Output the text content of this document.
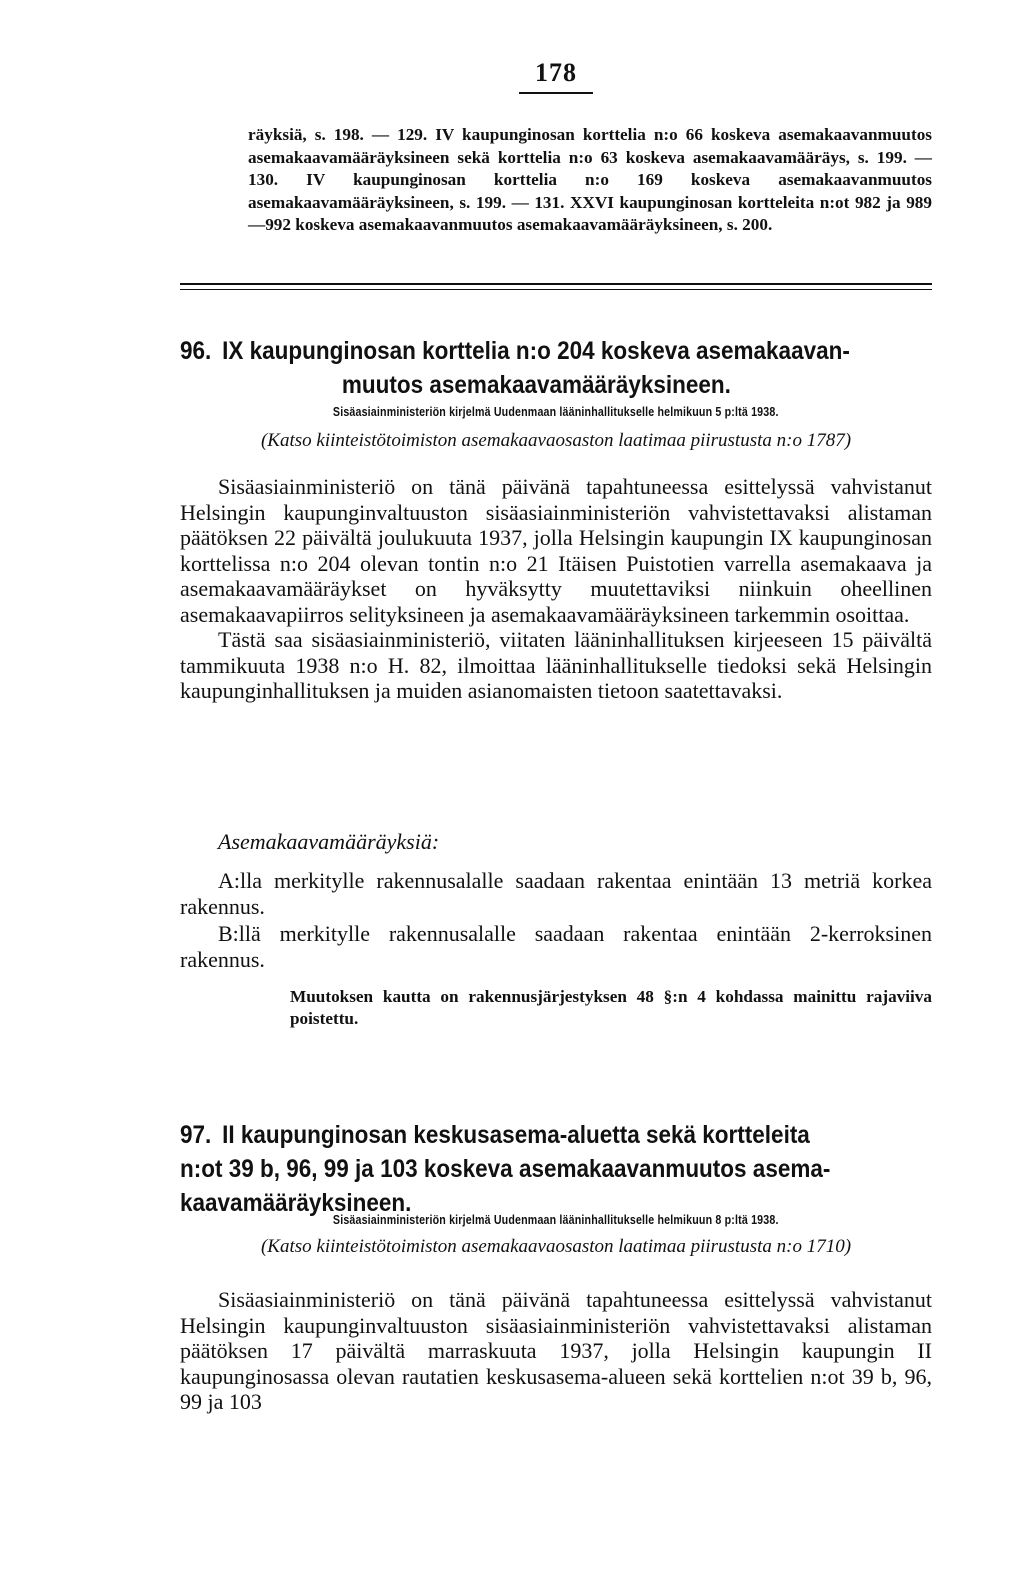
178

räyksiä, s. 198. — 129. IV kaupunginosan korttelia n:o 66 koskeva asemakaavanmuutos asemakaavamääräyksineen sekä korttelia n:o 63 koskeva asemakaavamääräys, s. 199. — 130. IV kaupunginosan korttelia n:o 169 koskeva asemakaavanmuutos asemakaavamääräyksineen, s. 199. — 131. XXVI kaupunginosan kortteleita n:ot 982 ja 989—992 koskeva asemakaavanmuutos asemakaavamääräyksineen, s. 200.

96. IX kaupunginosan korttelia n:o 204 koskeva asemakaavan-
muutos asemakaavamääräyksineen.

Sisäasiainministeriön kirjelmä Uudenmaan lääninhallitukselle helmikuun 5 p:ltä 1938.

(Katso kiinteistötoimiston asemakaavaosaston laatimaa piirustusta n:o 1787)

Sisäasiainministeriö on tänä päivänä tapahtuneessa esittelyssä vahvistanut Helsingin kaupunginvaltuuston sisäasiainministeriön vahvistettavaksi alistaman päätöksen 22 päivältä joulukuuta 1937, jolla Helsingin kaupungin IX kaupunginosan korttelissa n:o 204 olevan tontin n:o 21 Itäisen Puistotien varrella asemakaava ja asemakaavamääräykset on hyväksytty muutettaviksi niinkuin oheellinen asemakaavapiirros selityksineen ja asemakaavamääräyksineen tarkemmin osoittaa.

Tästä saa sisäasiainministeriö, viitaten lääninhallituksen kirjeeseen 15 päivältä tammikuuta 1938 n:o H. 82, ilmoittaa lääninhallitukselle tiedoksi sekä Helsingin kaupunginhallituksen ja muiden asianomaisten tietoon saatettavaksi.

Asemakaavamääräyksiä:

A:lla merkitylle rakennusalalle saadaan rakentaa enintään 13 metriä korkea rakennus.

B:llä merkitylle rakennusalalle saadaan rakentaa enintään 2-kerroksinen rakennus.

Muutoksen kautta on rakennusjärjestyksen 48 §:n 4 kohdassa mainittu rajaviiva poistettu.

97. II kaupunginosan keskusasema-aluetta sekä kortteleita
n:ot 39 b, 96, 99 ja 103 koskeva asemakaavanmuutos asema-
kaavamääräyksineen.

Sisäasiainministeriön kirjelmä Uudenmaan lääninhallitukselle helmikuun 8 p:ltä 1938.

(Katso kiinteistötoimiston asemakaavaosaston laatimaa piirustusta n:o 1710)

Sisäasiainministeriö on tänä päivänä tapahtuneessa esittelyssä vahvistanut Helsingin kaupunginvaltuuston sisäasiainministeriön vahvistettavaksi alistaman päätöksen 17 päivältä marraskuuta 1937, jolla Helsingin kaupungin II kaupunginosassa olevan rautatien keskusasema-alueen sekä korttelien n:ot 39 b, 96, 99 ja 103
